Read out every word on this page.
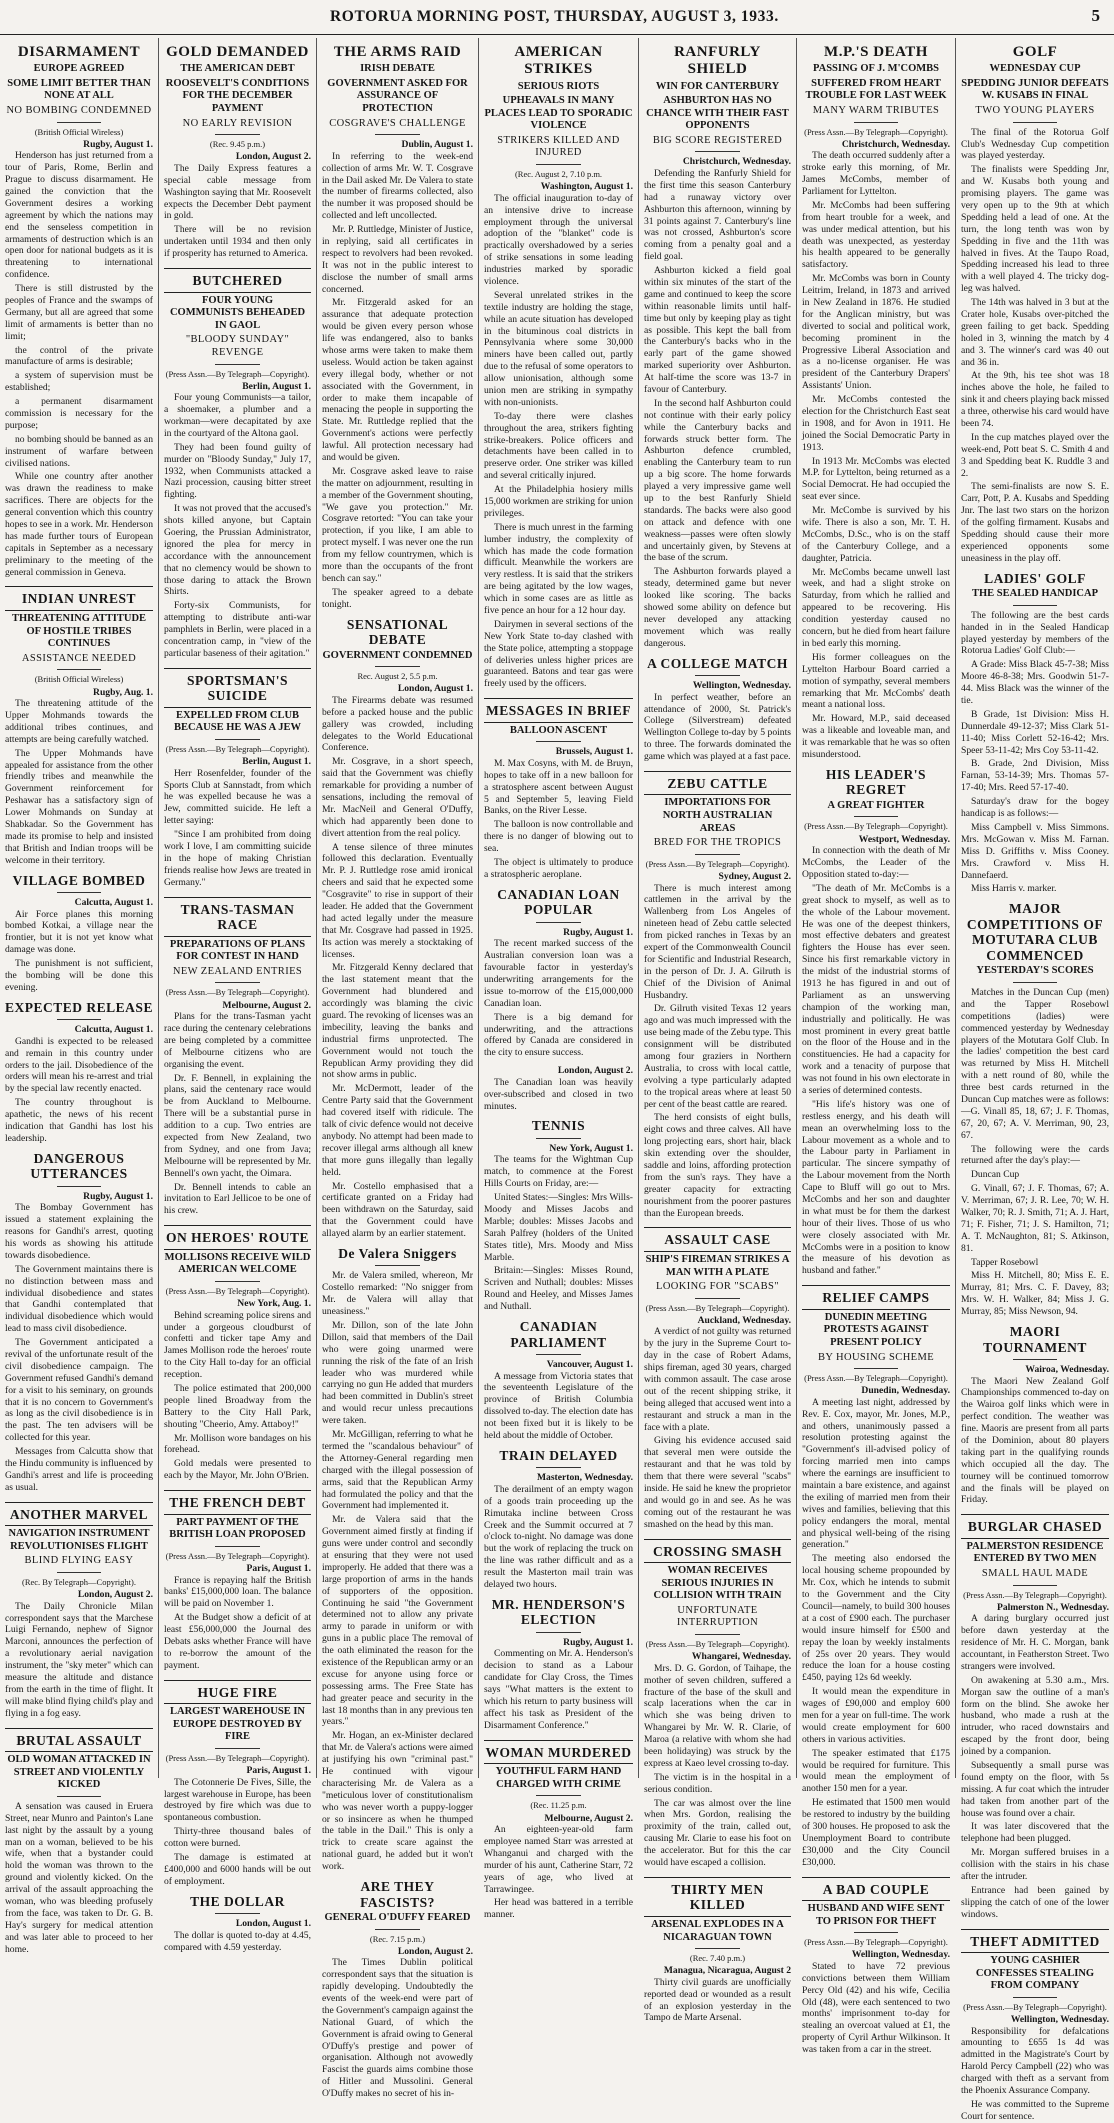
ROTORUA MORNING POST, THURSDAY, AUGUST 3, 1933.	5
DISARMAMENT
EUROPE AGREED
SOME LIMIT BETTER THAN NONE AT ALL
NO BOMBING CONDEMNED
(British Official Wireless)
Rugby, August 1.

Henderson has just returned from a tour of Paris, Rome, Berlin and Prague to discuss disarmament. He gained the conviction that the Government desires a working agreement by which the nations may end the senseless competition in armaments of destruction which is an open door for national budgets as it is threatening to international confidence.

There is still distrusted by the peoples of France and the swamps of Germany, but all are agreed that some limit of armaments is better than no limit;

the control of the private manufacture of arms is desirable;

a system of supervision must be established;

a permanent disarmament commission is necessary for the purpose;

no bombing should be banned as an instrument of warfare between civilised nations.

While one country after another was drawn the readiness to make sacrifices. There are objects for the general convention which this country hopes to see in a work. Mr. Henderson has made further tours of European capitals in September as a necessary preliminary to the meeting of the general commission in Geneva.

INDIAN UNREST
THREATENING ATTITUDE OF HOSTILE TRIBES CONTINUES
ASSISTANCE NEEDED
(British Official Wireless)
Rugby, Aug. 1.

The threatening attitude of the Upper Mohmands towards the additional tribes continues, and attempts are being carefully watched.

The Upper Mohmands have appealed for assistance from the other friendly tribes and meanwhile the Government reinforcement for Peshawar has a satisfactory sign of Lower Mohmands on Sunday at Shabkadar. So the Government has made its promise to help and insisted that British and Indian troops will be welcome in their territory.

VILLAGE BOMBED
Calcutta, August 1.

Air Force planes this morning bombed Kotkai, a village near the frontier, but it is not yet know what damage was done.

The punishment is not sufficient, the bombing will be done this evening.

EXPECTED RELEASE
Calcutta, August 1.

Gandhi is expected to be released and remain in this country under orders to the jail. Disobedience of the orders will mean his re-arrest and trial by the special law recently enacted.

The country throughout is apathetic, the news of his recent indication that Gandhi has lost his leadership.

DANGEROUS UTTERANCES
Rugby, August 1.

The Bombay Government has issued a statement explaining the reasons for Gandhi's arrest, quoting his words as showing his attitude towards disobedience.

The Government maintains there is no distinction between mass and individual disobedience and states that Gandhi contemplated that individual disobedience which would lead to mass civil disobedience.

The Government anticipated a revival of the unfortunate result of the civil disobedience campaign. The Government refused Gandhi's demand for a visit to his seminary, on grounds that it is no concern to Government's as long as the civil disobedience is in the past. The ten advisers will be collected for this year.

Messages from Calcutta show that the Hindu community is influenced by Gandhi's arrest and life is proceeding as usual.

ANOTHER MARVEL
NAVIGATION INSTRUMENT REVOLUTIONISES FLIGHT
BLIND FLYING EASY
(Rec. By Telegraph—Copyright).
London, August 2.

The Daily Chronicle Milan correspondent says that the Marchese Luigi Fernando, nephew of Signor Marconi, announces the perfection of a revolutionary aerial navigation instrument, the "sky meter" which can measure the altitude and distance from the earth in the time of flight. It will make blind flying child's play and flying in a fog easy.

BRUTAL ASSAULT
OLD WOMAN ATTACKED IN STREET AND VIOLENTLY KICKED

A sensation was caused in Eruera Street, near Munro and Painton's Lane last night by the assault by a young man on a woman, believed to be his wife, when that a bystander could hold the woman was thrown to the ground and violently kicked. On the arrival of the assault approaching the woman, who was bleeding profusely from the face, was taken to Dr. G. B. Hay's surgery for medical attention and was later able to proceed to her home.

GOLD DEMANDED
THE AMERICAN DEBT
ROOSEVELT'S CONDITIONS FOR THE DECEMBER PAYMENT
NO EARLY REVISION
(Rec. 9.45 p.m.)
London, August 2.

The Daily Express features a special cable message from Washington saying that Mr. Roosevelt expects the December Debt payment in gold.

There will be no revision undertaken until 1934 and then only if prosperity has returned to America.

BUTCHERED
FOUR YOUNG COMMUNISTS BEHEADED IN GAOL
"BLOODY SUNDAY" REVENGE
(Press Assn.—By Telegraph—Copyright).
Berlin, August 1.

Four young Communists—a tailor, a shoemaker, a plumber and a workman—were decapitated by axe in the courtyard of the Altona gaol.

They had been found guilty of murder on "Bloody Sunday," July 17, 1932, when Communists attacked a Nazi procession, causing bitter street fighting.

It was not proved that the accused's shots killed anyone, but Captain Goering, the Prussian Administrator, ignored the plea for mercy in accordance with the announcement that no clemency would be shown to those daring to attack the Brown Shirts.

Forty-six Communists, for attempting to distribute anti-war pamphlets in Berlin, were placed in a concentration camp, in "view of the particular baseness of their agitation."

SPORTSMAN'S SUICIDE
EXPELLED FROM CLUB BECAUSE HE WAS A JEW
(Press Assn.—By Telegraph—Copyright).
Berlin, August 1.

Herr Rosenfelder, founder of the Sports Club at Sannstadt, from which he was expelled because he was a Jew, committed suicide. He left a letter saying:

"Since I am prohibited from doing work I love, I am committing suicide in the hope of making Christian friends realise how Jews are treated in Germany."

TRANS-TASMAN RACE
PREPARATIONS OF PLANS FOR CONTEST IN HAND
NEW ZEALAND ENTRIES
(Press Assn.—By Telegraph—Copyright).
Melbourne, August 2.

Plans for the trans-Tasman yacht race during the centenary celebrations are being completed by a committee of Melbourne citizens who are organising the event.

Dr. F. Bennell, in explaining the plans, said the centenary race would be from Auckland to Melbourne. There will be a substantial purse in addition to a cup. Two entries are expected from New Zealand, two from Sydney, and one from Java; Melbourne will be represented by Mr. Bennell's own yacht, the Oimara.

Dr. Bennell intends to cable an invitation to Earl Jellicoe to be one of his crew.

ON HEROES' ROUTE
MOLLISONS RECEIVE WILD AMERICAN WELCOME
(Press Assn.—By Telegraph—Copyright).
New York, Aug. 1.

Behind screaming police sirens and under a gorgeous cloudburst of confetti and ticker tape Amy and James Mollison rode the heroes' route to the City Hall to-day for an official reception.

The police estimated that 200,000 people lined Broadway from the Battery to the City Hall Park, shouting "Cheerio, Amy. Attaboy!"

Mr. Mollison wore bandages on his forehead.

Gold medals were presented to each by the Mayor, Mr. John O'Brien.

THE FRENCH DEBT
PART PAYMENT OF THE BRITISH LOAN PROPOSED
(Press Assn.—By Telegraph—Copyright).
Paris, August 1.

France is repaying half the British banks' £15,000,000 loan. The balance will be paid on November 1.

At the Budget show a deficit of at least £56,000,000 the Journal des Debats asks whether France will have to re-borrow the amount of the payment.

HUGE FIRE
LARGEST WAREHOUSE IN EUROPE DESTROYED BY FIRE
(Press Assn.—By Telegraph—Copyright).
Paris, August 1.

The Cotonnerie De Fives, Sille, the largest warehouse in Europe, has been destroyed by fire which was due to spontaneous combustion.

Thirty-three thousand bales of cotton were burned.

The damage is estimated at £400,000 and 6000 hands will be out of employment.

THE DOLLAR
London, August 1.

The dollar is quoted to-day at 4.45, compared with 4.59 yesterday.

THE ARMS RAID
IRISH DEBATE
GOVERNMENT ASKED FOR ASSURANCE OF PROTECTION
COSGRAVE'S CHALLENGE
Dublin, August 1.

In referring to the week-end collection of arms Mr. W. T. Cosgrave in the Dail asked Mr. De Valera to state the number of firearms collected, also the number it was proposed should be collected and left uncollected.

Mr. P. Ruttledge, Minister of Justice, in replying, said all certificates in respect to revolvers had been revoked. It was not in the public interest to disclose the number of small arms concerned.

Mr. Fitzgerald asked for an assurance that adequate protection would be given every person whose life was endangered, also to banks whose arms were taken to make them useless. Would action be taken against every illegal body, whether or not associated with the Government, in order to make them incapable of menacing the people in supporting the State. Mr. Ruttledge replied that the Government's actions were perfectly lawful. All protection necessary had and would be given.

Mr. Cosgrave asked leave to raise the matter on adjournment, resulting in a member of the Government shouting, "We gave you protection." Mr. Cosgrave retorted: "You can take your protection, if you like, I am able to protect myself. I was never one the run from my fellow countrymen, which is more than the occupants of the front bench can say."

The speaker agreed to a debate tonight.

SENSATIONAL DEBATE
GOVERNMENT CONDEMNED
Rec. August 2, 5.5 p.m.
London, August 1.

The Firearms debate was resumed before a packed house and the public gallery was crowded, including delegates to the World Educational Conference.

Mr. Cosgrave, in a short speech, said that the Government was chiefly remarkable for providing a number of sensations, including the removal of Mr. MacNeil and General O'Duffy, which had apparently been done to divert attention from the real policy.

A tense silence of three minutes followed this declaration. Eventually Mr. P. J. Ruttledge rose amid ironical cheers and said that he expected some "Cosgravite" to rise in support of their leader. He added that the Government had acted legally under the measure that Mr. Cosgrave had passed in 1925. Its action was merely a stocktaking of licenses.

Mr. Fitzgerald Kenny declared that the last statement meant that the Government had blundered and accordingly was blaming the civic guard. The revoking of licenses was an imbecility, leaving the banks and industrial firms unprotected. The Government would not touch the Republican Army providing they did not show arms in public.

Mr. McDermott, leader of the Centre Party said that the Government had covered itself with ridicule. The talk of civic defence would not deceive anybody. No attempt had been made to recover illegal arms although all knew that more guns illegally than legally held.

Mr. Costello emphasised that a certificate granted on a Friday had been withdrawn on the Saturday, said that the Government could have allayed alarm by an earlier statement.

De Valera Sniggers

Mr. de Valera smiled, whereon, Mr Costello remarked: "No snigger from Mr. de Valera will allay that uneasiness."

Mr. Dillon, son of the late John Dillon, said that members of the Dail who were going unarmed were running the risk of the fate of an Irish leader who was murdered while carrying no gun He added that murders had been committed in Dublin's street and would recur unless precautions were taken.

Mr. McGilligan, referring to what he termed the "scandalous behaviour" of the Attorney-General regarding men charged with the illegal possession of arms, said that the Republican Army had formulated the policy and that the Government had implemented it.

Mr. de Valera said that the Government aimed firstly at finding if guns were under control and secondly at ensuring that they were not used improperly. He added that there was a large proportion of arms in the hands of supporters of the opposition. Continuing he said "the Government determined not to allow any private army to parade in uniform or with guns in a public place The removal of the oath eliminated the reason for the existence of the Republican army or an excuse for anyone using force or possessing arms. The Free State has had greater peace and security in the last 18 months than in any previous ten years."

Mr. Hogan, an ex-Minister declared that Mr. de Valera's actions were aimed at justifying his own "criminal past." He continued with vigour characterising Mr. de Valera as a "meticulous lover of constitutionalism who was never worth a puppy-logger or so insincere as when he thumped the table in the Dail." This is only a trick to create scare against the national guard, he added but it won't work.

ARE THEY FASCISTS?
GENERAL O'DUFFY FEARED
(Rec. 7.15 p.m.)
London, August 2.

The Times Dublin political correspondent says that the situation is rapidly developing. Undoubtedly the events of the week-end were part of the Government's campaign against the National Guard, of which the Government is afraid owing to General O'Duffy's prestige and power of organisation. Although not avowedly Fascist the guards aims combine those of Hitler and Mussolini. General O'Duffy makes no secret of his in-

AMERICAN STRIKES
SERIOUS RIOTS
UPHEAVALS IN MANY PLACES LEAD TO SPORADIC VIOLENCE
STRIKERS KILLED AND INJURED
(Rec. August 2, 7.10 p.m.
Washington, August 1.

The official inauguration to-day of an intensive drive to increase employment through the universal adoption of the "blanket" code is practically overshadowed by a series of strike sensations in some leading industries marked by sporadic violence.

Several unrelated strikes in the textile industry are holding the stage, while an acute situation has developed in the bituminous coal districts in Pennsylvania where some 30,000 miners have been called out, partly due to the refusal of some operators to allow unionisation, although some union men are striking in sympathy with non-unionists.

To-day there were clashes throughout the area, strikers fighting strike-breakers. Police officers and detachments have been called in to preserve order. One striker was killed and several critically injured.

At the Philadelphia hosiery mills 15,000 workmen are striking for union privileges.

There is much unrest in the farming lumber industry, the complexity of which has made the code formation difficult. Meanwhile the workers are very restless. It is said that the strikers are being agitated by the low wages, which in some cases are as little as five pence an hour for a 12 hour day.

Dairymen in several sections of the New York State to-day clashed with the State police, attempting a stoppage of deliveries unless higher prices are guaranteed. Batons and tear gas were freely used by the officers.

MESSAGES IN BRIEF
BALLOON ASCENT
Brussels, August 1.

M. Max Cosyns, with M. de Bruyn, hopes to take off in a new balloon for a stratosphere ascent between August 5 and September 5, leaving Field Banks, on the River Lesse.

The balloon is now controllable and there is no danger of blowing out to sea.

The object is ultimately to produce a stratospheric aeroplane.

CANADIAN LOAN POPULAR
Rugby, August 1.

The recent marked success of the Australian conversion loan was a favourable factor in yesterday's underwriting arrangements for the issue to-morrow of the £15,000,000 Canadian loan.

There is a big demand for underwriting, and the attractions offered by Canada are considered in the city to ensure success.

London, August 2.

The Canadian loan was heavily over-subscribed and closed in two minutes.

TENNIS
New York, August 1.

The teams for the Wightman Cup match, to commence at the Forest Hills Courts on Friday, are:—

United States:—Singles: Mrs Wills-Moody and Misses Jacobs and Marble; doubles: Misses Jacobs and Sarah Palfrey (holders of the United States title), Mrs. Moody and Miss Marble.

Britain:—Singles: Misses Round, Scriven and Nuthall; doubles: Misses Round and Heeley, and Misses James and Nuthall.

CANADIAN PARLIAMENT
Vancouver, August 1.

A message from Victoria states that the seventeenth Legislature of the province of British Columbia dissolved to-day. The election date has not been fixed but it is likely to be held about the middle of October.

TRAIN DELAYED
Masterton, Wednesday.

The derailment of an empty wagon of a goods train proceeding up the Rimutaka incline between Cross Creek and the Summit occurred at 7 o'clock to-night. No damage was done but the work of replacing the truck on the line was rather difficult and as a result the Masterton mail train was delayed two hours.

MR. HENDERSON'S ELECTION
Rugby, August 1.

Commenting on Mr. A. Henderson's decision to stand as a Labour candidate for Clay Cross, the Times says "What matters is the extent to which his return to party business will affect his task as President of the Disarmament Conference."

WOMAN MURDERED
YOUTHFUL FARM HAND CHARGED WITH CRIME
(Rec. 11.25 p.m.
Melbourne, August 2.

An eighteen-year-old farm employee named Starr was arrested at Whanganui and charged with the murder of his aunt, Catherine Starr, 72 years of age, who lived at Tarrawingee.

Her head was battered in a terrible manner.

RANFURLY SHIELD
WIN FOR CANTERBURY
ASHBURTON HAS NO CHANCE WITH THEIR FAST OPPONENTS
BIG SCORE REGISTERED
Christchurch, Wednesday.

Defending the Ranfurly Shield for the first time this season Canterbury had a runaway victory over Ashburton this afternoon, winning by 31 points against 7. Canterbury's line was not crossed, Ashburton's score coming from a penalty goal and a field goal.

Ashburton kicked a field goal within six minutes of the start of the game and continued to keep the score within reasonable limits until half-time but only by keeping play as tight as possible. This kept the ball from the Canterbury's backs who in the early part of the game showed marked superiority over Ashburton. At half-time the score was 13-7 in favour of Canterbury.

In the second half Ashburton could not continue with their early policy while the Canterbury backs and forwards struck better form. The Ashburton defence crumbled, enabling the Canterbury team to run up a big score. The home forwards played a very impressive game well up to the best Ranfurly Shield standards. The backs were also good on attack and defence with one weakness—passes were often slowly and uncertainly given, by Stevens at the base of the scrum.

The Ashburton forwards played a steady, determined game but never looked like scoring. The backs showed some ability on defence but never developed any attacking movement which was really dangerous.

A COLLEGE MATCH
Wellington, Wednesday.

In perfect weather, before an attendance of 2000, St. Patrick's College (Silverstream) defeated Wellington College to-day by 5 points to three. The forwards dominated the game which was played at a fast pace.

ZEBU CATTLE
IMPORTATIONS FOR NORTH AUSTRALIAN AREAS
BRED FOR THE TROPICS
(Press Assn.—By Telegraph—Copyright).
Sydney, August 2.

There is much interest among cattlemen in the arrival by the Wallenberg from Los Angeles of nineteen head of Zebu cattle selected from picked ranches in Texas by an expert of the Commonwealth Council for Scientific and Industrial Research, in the person of Dr. J. A. Gilruth is Chief of the Division of Animal Husbandry.

Dr. Gilruth visited Texas 12 years ago and was much impressed with the use being made of the Zebu type. This consignment will be distributed among four graziers in Northern Australia, to cross with local cattle, evolving a type particularly adapted to the tropical areas where at least 50 per cent of the beast cattle are reared.

The herd consists of eight bulls, eight cows and three calves. All have long projecting ears, short hair, black skin extending over the shoulder, saddle and loins, affording protection from the sun's rays. They have a greater capacity for extracting nourishment from the poorer pastures than the European breeds.

ASSAULT CASE
SHIP'S FIREMAN STRIKES A MAN WITH A PLATE
LOOKING FOR "SCABS"
(Press Assn.—By Telegraph—Copyright).
Auckland, Wednesday.

A verdict of not guilty was returned by the jury in the Supreme Court to-day in the case of Robert Adams, ships fireman, aged 30 years, charged with common assault. The case arose out of the recent shipping strike, it being alleged that accused went into a restaurant and struck a man in the face with a plate.

Giving his evidence accused said that several men were outside the restaurant and that he was told by them that there were several "scabs" inside. He said he knew the proprietor and would go in and see. As he was coming out of the restaurant he was smashed on the head by this man.

CROSSING SMASH
WOMAN RECEIVES SERIOUS INJURIES IN COLLISION WITH TRAIN
UNFORTUNATE INTERRUPTION
(Press Assn.—By Telegraph—Copyright).
Whangarei, Wednesday.

Mrs. D. G. Gordon, of Taihape, the mother of seven children, suffered a fracture of the base of the skull and scalp lacerations when the car in which she was being driven to Whangarei by Mr. W. R. Clarie, of Maroa (a relative with whom she had been holidaying) was struck by the express at Kaeo level crossing to-day.

The victim is in the hospital in a serious condition.

The car was almost over the line when Mrs. Gordon, realising the proximity of the train, called out, causing Mr. Clarie to ease his foot on the accelerator. But for this the car would have escaped a collision.

THIRTY MEN KILLED
ARSENAL EXPLODES IN A NICARAGUAN TOWN
(Rec. 7.40 p.m.)
Managua, Nicaragua, August 2

Thirty civil guards are unofficially reported dead or wounded as a result of an explosion yesterday in the Tampo de Marte Arsenal.

M.P.'S DEATH
PASSING OF J. M'COMBS
SUFFERED FROM HEART TROUBLE FOR LAST WEEK
MANY WARM TRIBUTES
(Press Assn.—By Telegraph—Copyright).
Christchurch, Wednesday.

The death occurred suddenly after a stroke early this morning, of Mr. James McCombs, member of Parliament for Lyttelton.

Mr. McCombs had been suffering from heart trouble for a week, and was under medical attention, but his death was unexpected, as yesterday his health appeared to be generally satisfactory.

Mr. McCombs was born in County Leitrim, Ireland, in 1873 and arrived in New Zealand in 1876. He studied for the Anglican ministry, but was diverted to social and political work, becoming prominent in the Progressive Liberal Association and as a no-license organiser. He was president of the Canterbury Drapers' Assistants' Union.

Mr. McCombs contested the election for the Christchurch East seat in 1908, and for Avon in 1911. He joined the Social Democratic Party in 1913.

In 1913 Mr. McCombs was elected M.P. for Lyttelton, being returned as a Social Democrat. He had occupied the seat ever since.

Mr. McCombe is survived by his wife. There is also a son, Mr. T. H. McCombs, D.Sc., who is on the staff of the Canterbury College, and a daughter, Patricia.

Mr. McCombs became unwell last week, and had a slight stroke on Saturday, from which he rallied and appeared to be recovering. His condition yesterday caused no concern, but he died from heart failure in bed early this morning.

His former colleagues on the Lyttelton Harbour Board carried a motion of sympathy, several members remarking that Mr. McCombs' death meant a national loss.

Mr. Howard, M.P., said deceased was a likeable and loveable man, and it was remarkable that he was so often misunderstood.

HIS LEADER'S REGRET
A GREAT FIGHTER
(Press Assn.—By Telegraph—Copyright).
Westport, Wednesday.

In connection with the death of Mr McCombs, the Leader of the Opposition stated to-day:—

"The death of Mr. McCombs is a great shock to myself, as well as to the whole of the Labour movement. He was one of the deepest thinkers, most effective debaters and greatest fighters the House has ever seen. Since his first remarkable victory in the midst of the industrial storms of 1913 he has figured in and out of Parliament as an unswerving champion of the working man, industrially and politically. He was most prominent in every great battle on the floor of the House and in the constituencies. He had a capacity for work and a tenacity of purpose that was not found in his own electorate in a series of determined contests.

"His life's history was one of restless energy, and his death will mean an overwhelming loss to the Labour movement as a whole and to the Labour party in Parliament in particular. The sincere sympathy of the Labour movement from the North Cape to Bluff will go out to Mrs. McCombs and her son and daughter in what must be for them the darkest hour of their lives. Those of us who were closely associated with Mr. McCombs were in a position to know the measure of his devotion as husband and father."

RELIEF CAMPS
DUNEDIN MEETING PROTESTS AGAINST PRESENT POLICY
BY HOUSING SCHEME
(Press Assn.—By Telegraph—Copyright).
Dunedin, Wednesday.

A meeting last night, addressed by Rev. E. Cox, mayor, Mr. Jones, M.P., and others, unanimously passed a resolution protesting against the "Government's ill-advised policy of forcing married men into camps where the earnings are insufficient to maintain a bare existence, and against the exiling of married men from their wives and families, believing that this policy endangers the moral, mental and physical well-being of the rising generation."

The meeting also endorsed the local housing scheme propounded by Mr. Cox, which he intends to submit to the Government and the City Council—namely, to build 300 houses at a cost of £900 each. The purchaser would insure himself for £500 and repay the loan by weekly instalments of 25s over 20 years. They would reduce the loan for a house costing £450, paying 12s 6d weekly.

It would mean the expenditure in wages of £90,000 and employ 600 men for a year on full-time. The work would create employment for 600 others in various activities.

The speaker estimated that £175 would be required for furniture. This would mean the employment of another 150 men for a year.

He estimated that 1500 men would be restored to industry by the building of 300 houses. He proposed to ask the Unemployment Board to contribute £30,000 and the City Council £30,000.

A BAD COUPLE
HUSBAND AND WIFE SENT TO PRISON FOR THEFT
(Press Assn.—By Telegraph—Copyright).
Wellington, Wednesday.

Stated to have 72 previous convictions between them William Percy Old (42) and his wife, Cecilia Old (48), were each sentenced to two months' imprisonment to-day for stealing an overcoat valued at £1, the property of Cyril Arthur Wilkinson. It was taken from a car in the street.

GOLF
WEDNESDAY CUP
SPEDDING JUNIOR DEFEATS W. KUSABS IN FINAL
TWO YOUNG PLAYERS

The final of the Rotorua Golf Club's Wednesday Cup competition was played yesterday.

The finalists were Spedding Jnr, and W. Kusabs both young and promising players. The game was very open up to the 9th at which Spedding held a lead of one. At the turn, the long tenth was won by Spedding in five and the 11th was halved in fives. At the Taupo Road, Spedding increased his lead to three with a well played 4. The tricky dog-leg was halved.

The 14th was halved in 3 but at the Crater hole, Kusabs over-pitched the green failing to get back. Spedding holed in 3, winning the match by 4 and 3. The winner's card was 40 out and 36 in.

At the 9th, his tee shot was 18 inches above the hole, he failed to sink it and cheers playing back missed a three, otherwise his card would have been 74.

In the cup matches played over the week-end, Pott beat S. C. Smith 4 and 3 and Spedding beat K. Ruddle 3 and 2.

The semi-finalists are now S. E. Carr, Pott, P. A. Kusabs and Spedding Jnr. The last two stars on the horizon of the golfing firmament. Kusabs and Spedding should cause their more experienced opponents some uneasiness in the play off.

LADIES' GOLF
THE SEALED HANDICAP

The following are the best cards handed in in the Sealed Handicap played yesterday by members of the Rotorua Ladies' Golf Club:—

A Grade: Miss Black 45-7-38; Miss Moore 46-8-38; Mrs. Goodwin 51-7-44. Miss Black was the winner of the tie.

B Grade, 1st Division: Miss H. Dunnerdale 49-12-37; Miss Clark 51-11-40; Miss Corlett 52-16-42; Mrs. Speer 53-11-42; Mrs Coy 53-11-42.

B. Grade, 2nd Division, Miss Farnan, 53-14-39; Mrs. Thomas 57-17-40; Mrs. Reed 57-17-40.

Saturday's draw for the bogey handicap is as follows:—

Miss Campbell v. Miss Simmons. Mrs. McGowan v. Miss M. Farnan. Miss D. Griffiths v. Miss Cooney. Mrs. Crawford v. Miss H. Dannefaerd.

Miss Harris v. marker.

MAJOR COMPETITIONS OF MOTUTARA CLUB COMMENCED
YESTERDAY'S SCORES

Matches in the Duncan Cup (men) and the Tapper Rosebowl competitions (ladies) were commenced yesterday by Wednesday players of the Motutara Golf Club. In the ladies' competition the best card was returned by Miss H. Mitchell with a nett round of 80, while the three best cards returned in the Duncan Cup matches were as follows:—G. Vinall 85, 18, 67; J. F. Thomas, 67, 20, 67; A. V. Merriman, 90, 23, 67.

The following were the cards returned after the day's play:—

Duncan Cup

G. Vinall, 67; J. F. Thomas, 67; A. V. Merriman, 67; J. R. Lee, 70; W. H. Walker, 70; R. J. Smith, 71; A. J. Hart, 71; F. Fisher, 71; J. S. Hamilton, 71; A. T. McNaughton, 81; S. Atkinson, 81.

Tapper Rosebowl

Miss H. Mitchell, 80; Miss E. E. Murray, 81; Mrs. C. F. Davey, 83; Mrs. W. H. Walker, 84; Miss J. G. Murray, 85; Miss Newson, 94.

MAORI TOURNAMENT
Wairoa, Wednesday.

The Maori New Zealand Golf Championships commenced to-day on the Wairoa golf links which were in perfect condition. The weather was fine. Maoris are present from all parts of the Dominion, about 80 players taking part in the qualifying rounds which occupied all the day. The tourney will be continued tomorrow and the finals will be played on Friday.

BURGLAR CHASED
PALMERSTON RESIDENCE ENTERED BY TWO MEN
SMALL HAUL MADE
(Press Assn.—By Telegraph—Copyright).
Palmerston N., Wednesday.

A daring burglary occurred just before dawn yesterday at the residence of Mr. H. C. Morgan, bank accountant, in Featherston Street. Two strangers were involved.

On awakening at 5.30 a.m., Mrs. Morgan saw the outline of a man's form on the blind. She awoke her husband, who made a rush at the intruder, who raced downstairs and escaped by the front door, being joined by a companion.

Subsequently a small purse was found empty on the floor, with 5s missing. A fur coat which the intruder had taken from another part of the house was found over a chair.

It was later discovered that the telephone had been plugged.

Mr. Morgan suffered bruises in a collision with the stairs in his chase after the intruder.

Entrance had been gained by slipping the catch of one of the lower windows.

THEFT ADMITTED
YOUNG CASHIER CONFESSES STEALING FROM COMPANY
(Press Assn.—By Telegraph—Copyright).
Wellington, Wednesday.

Responsibility for defalcations amounting to £655 1s 4d was admitted in the Magistrate's Court by Harold Percy Campbell (22) who was charged with theft as a servant from the Phoenix Assurance Company.

He was committed to the Supreme Court for sentence.
